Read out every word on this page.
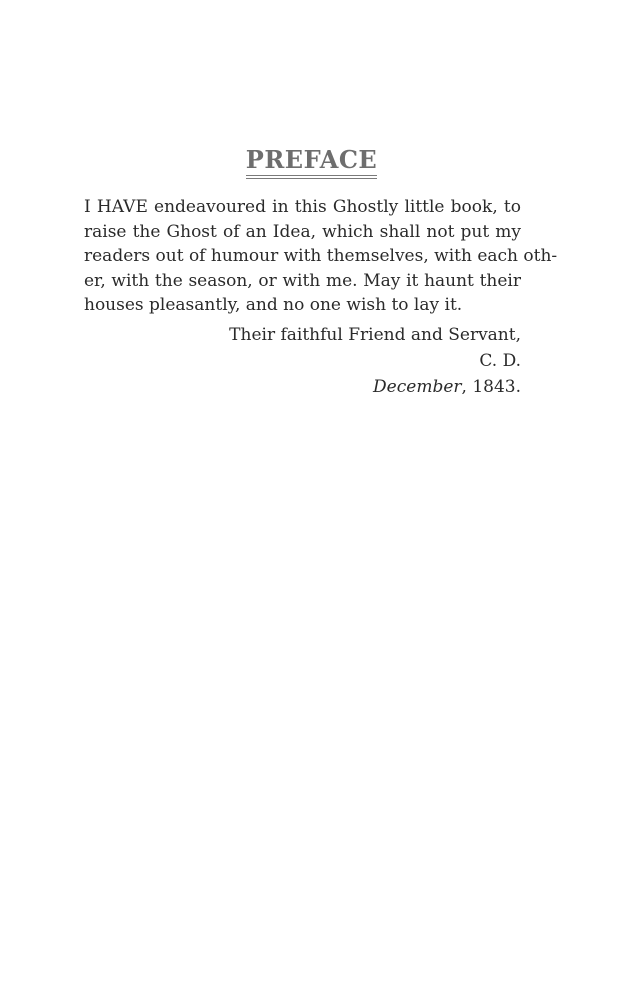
PREFACE
I HAVE endeavoured in this Ghostly little book, to
raise the Ghost of an Idea, which shall not put my
readers out of humour with themselves, with each oth-
er, with the season, or with me. May it haunt their
houses pleasantly, and no one wish to lay it.
Their faithful Friend and Servant,
C. D.
December, 1843.
